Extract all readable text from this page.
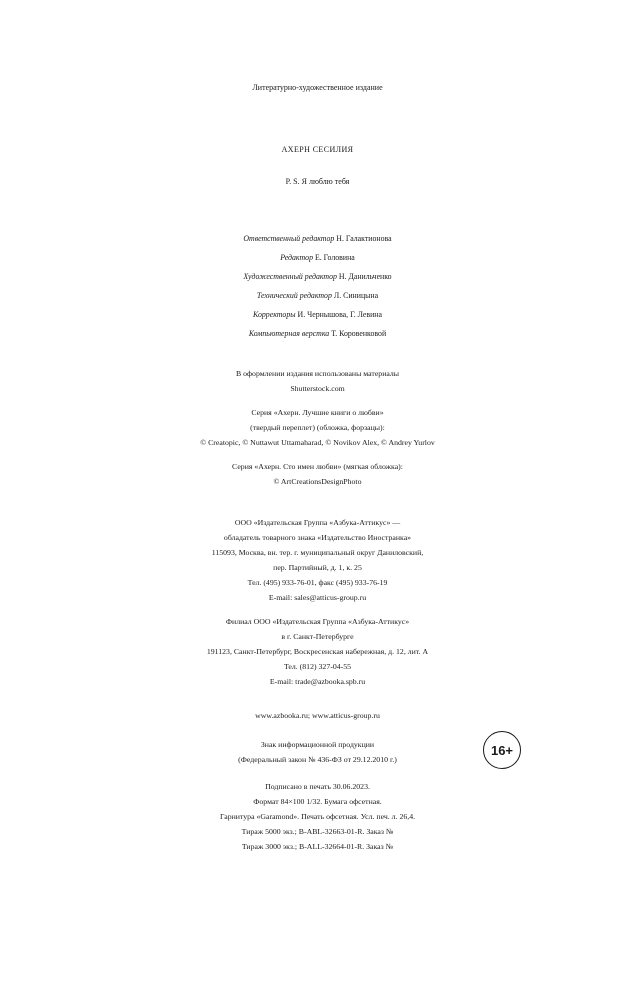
Литературно-художественное издание
АХЕРН СЕСИЛИЯ
P. S. Я люблю тебя
Ответственный редактор Н. Галактионова
Редактор Е. Головина
Художественный редактор Н. Данильченко
Технический редактор Л. Синицына
Корректоры И. Чернышова, Г. Левина
Компьютерная верстка Т. Коровенковой
В оформлении издания использованы материалы
Shutterstock.com
Серия «Ахерн. Лучшие книги о любви»
(твердый переплет) (обложка, форзацы):
© Creatopic, © Nuttawut Uttamaharad, © Novikov Alex, © Andrey Yurlov
Серия «Ахерн. Сто имен любви» (мягкая обложка):
© ArtCreationsDesignPhoto
ООО «Издательская Группа «Азбука-Аттикус» —
обладатель товарного знака «Издательство Иностранка»
115093, Москва, вн. тер. г. муниципальный округ Даниловский,
пер. Партийный, д. 1, к. 25
Тел. (495) 933-76-01, факс (495) 933-76-19
E-mail: sales@atticus-group.ru
Филиал ООО «Издательская Группа «Азбука-Аттикус»
в г. Санкт-Петербурге
191123, Санкт-Петербург, Воскресенская набережная, д. 12, лит. А
Тел. (812) 327-04-55
E-mail: trade@azbooka.spb.ru
www.azbooka.ru; www.atticus-group.ru
Знак информационной продукции
(Федеральный закон № 436-ФЗ от 29.12.2010 г.)
16+
Подписано в печать 30.06.2023.
Формат 84×100 1/32. Бумага офсетная.
Гарнитура «Garamond». Печать офсетная. Усл. печ. л. 26,4.
Тираж 5000 экз.; B-ABL-32663-01-R. Заказ №
Тираж 3000 экз.; B-ALL-32664-01-R. Заказ №
